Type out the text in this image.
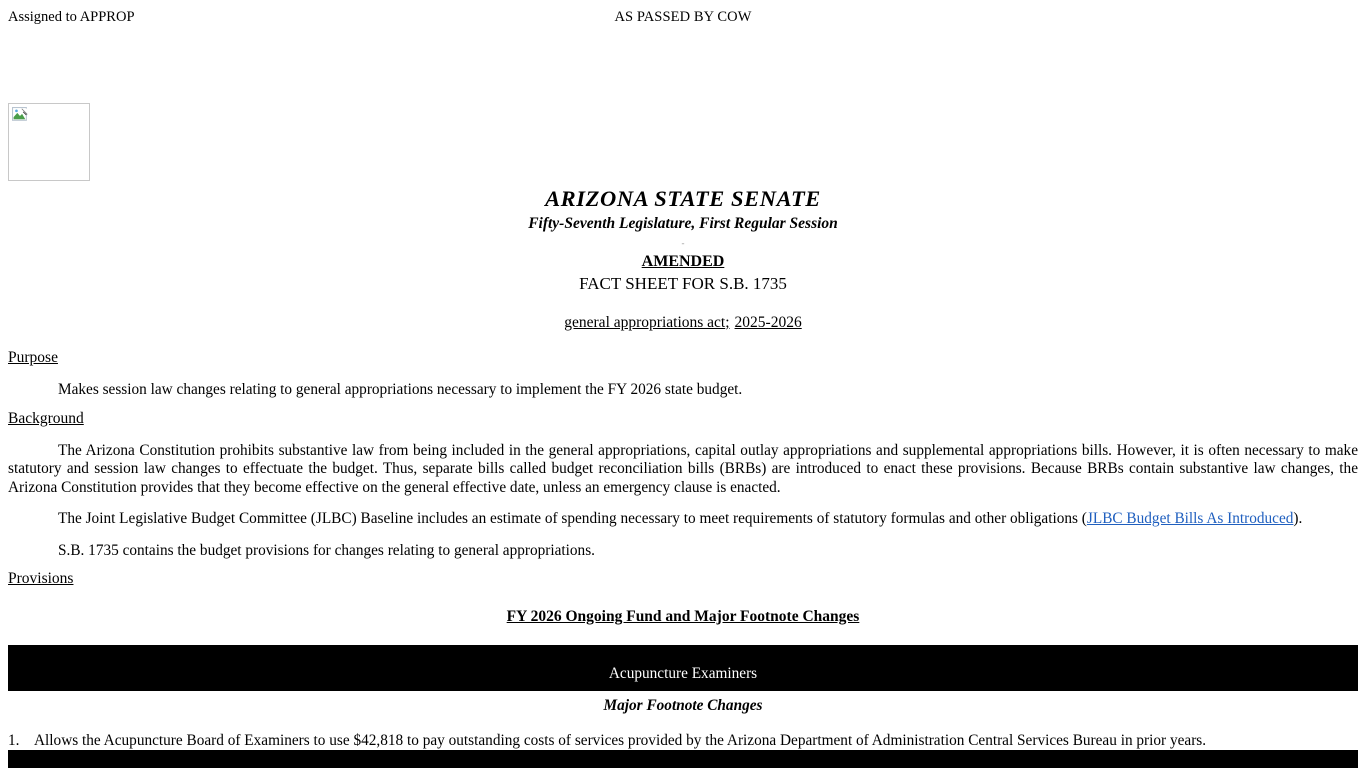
Assigned to APPROP	AS PASSED BY COW
ARIZONA STATE SENATE
Fifty-Seventh Legislature, First Regular Session
-
AMENDED
FACT SHEET FOR S.B. 1735
general appropriations act; 2025-2026
Purpose
Makes session law changes relating to general appropriations necessary to implement the FY 2026 state budget.
Background
The Arizona Constitution prohibits substantive law from being included in the general appropriations, capital outlay appropriations and supplemental appropriations bills. However, it is often necessary to make statutory and session law changes to effectuate the budget. Thus, separate bills called budget reconciliation bills (BRBs) are introduced to enact these provisions. Because BRBs contain substantive law changes, the Arizona Constitution provides that they become effective on the general effective date, unless an emergency clause is enacted.
The Joint Legislative Budget Committee (JLBC) Baseline includes an estimate of spending necessary to meet requirements of statutory formulas and other obligations (JLBC Budget Bills As Introduced).
S.B. 1735 contains the budget provisions for changes relating to general appropriations.
Provisions
FY 2026 Ongoing Fund and Major Footnote Changes
Acupuncture Examiners
Major Footnote Changes
1. Allows the Acupuncture Board of Examiners to use $42,818 to pay outstanding costs of services provided by the Arizona Department of Administration Central Services Bureau in prior years.
